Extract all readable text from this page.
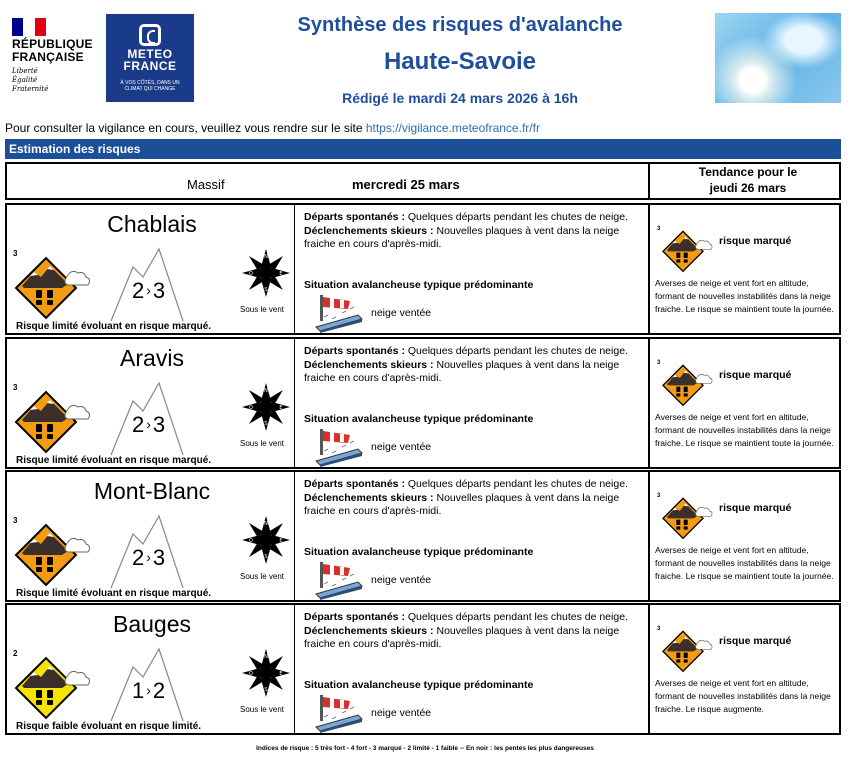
RÉPUBLIQUE
FRANÇAISE
Liberté
Égalité
Fraternité
METEO
FRANCE
À VOS CÔTÉS, DANS UN CLIMAT QUI CHANGE
Synthèse des risques d'avalanche
Haute-Savoie
Rédigé le mardi 24 mars 2026 à 16h
Pour consulter la vigilance en cours, veuillez vous rendre sur le site https://vigilance.meteofrance.fr/fr
Estimation des risques
Massif	mercredi 25 mars
Tendance pour le
jeudi 26 mars
Chablais
3
2›3
N
S
E
O
Sous le vent
Risque limité évoluant en risque marqué.
Départs spontanés : Quelques départs pendant les chutes de neige.
Déclenchements skieurs : Nouvelles plaques à vent dans la neige fraiche en cours d'après-midi.
Situation avalancheuse typique prédominante
neige ventée
3
risque marqué
Averses de neige et vent fort en altitude, formant de nouvelles instabilités dans la neige fraiche. Le risque se maintient toute la journée.
Aravis
3
2›3
N
S
E
O
Sous le vent
Risque limité évoluant en risque marqué.
Départs spontanés : Quelques départs pendant les chutes de neige.
Déclenchements skieurs : Nouvelles plaques à vent dans la neige fraiche en cours d'après-midi.
Situation avalancheuse typique prédominante
neige ventée
3
risque marqué
Averses de neige et vent fort en altitude, formant de nouvelles instabilités dans la neige fraiche. Le risque se maintient toute la journée.
Mont-Blanc
3
2›3
N
S
E
O
Sous le vent
Risque limité évoluant en risque marqué.
Départs spontanés : Quelques départs pendant les chutes de neige.
Déclenchements skieurs : Nouvelles plaques à vent dans la neige fraiche en cours d'après-midi.
Situation avalancheuse typique prédominante
neige ventée
3
risque marqué
Averses de neige et vent fort en altitude, formant de nouvelles instabilités dans la neige fraiche. Le risque se maintient toute la journée.
Bauges
2
1›2
N
S
E
O
Sous le vent
Risque faible évoluant en risque limité.
Départs spontanés : Quelques départs pendant les chutes de neige.
Déclenchements skieurs : Nouvelles plaques à vent dans la neige fraiche en cours d'après-midi.
Situation avalancheuse typique prédominante
neige ventée
3
risque marqué
Averses de neige et vent fort en altitude, formant de nouvelles instabilités dans la neige fraiche. Le risque augmente.
Indices de risque : 5 très fort - 4 fort - 3 marqué - 2 limité - 1 faible -- En noir : les pentes les plus dangereuses
